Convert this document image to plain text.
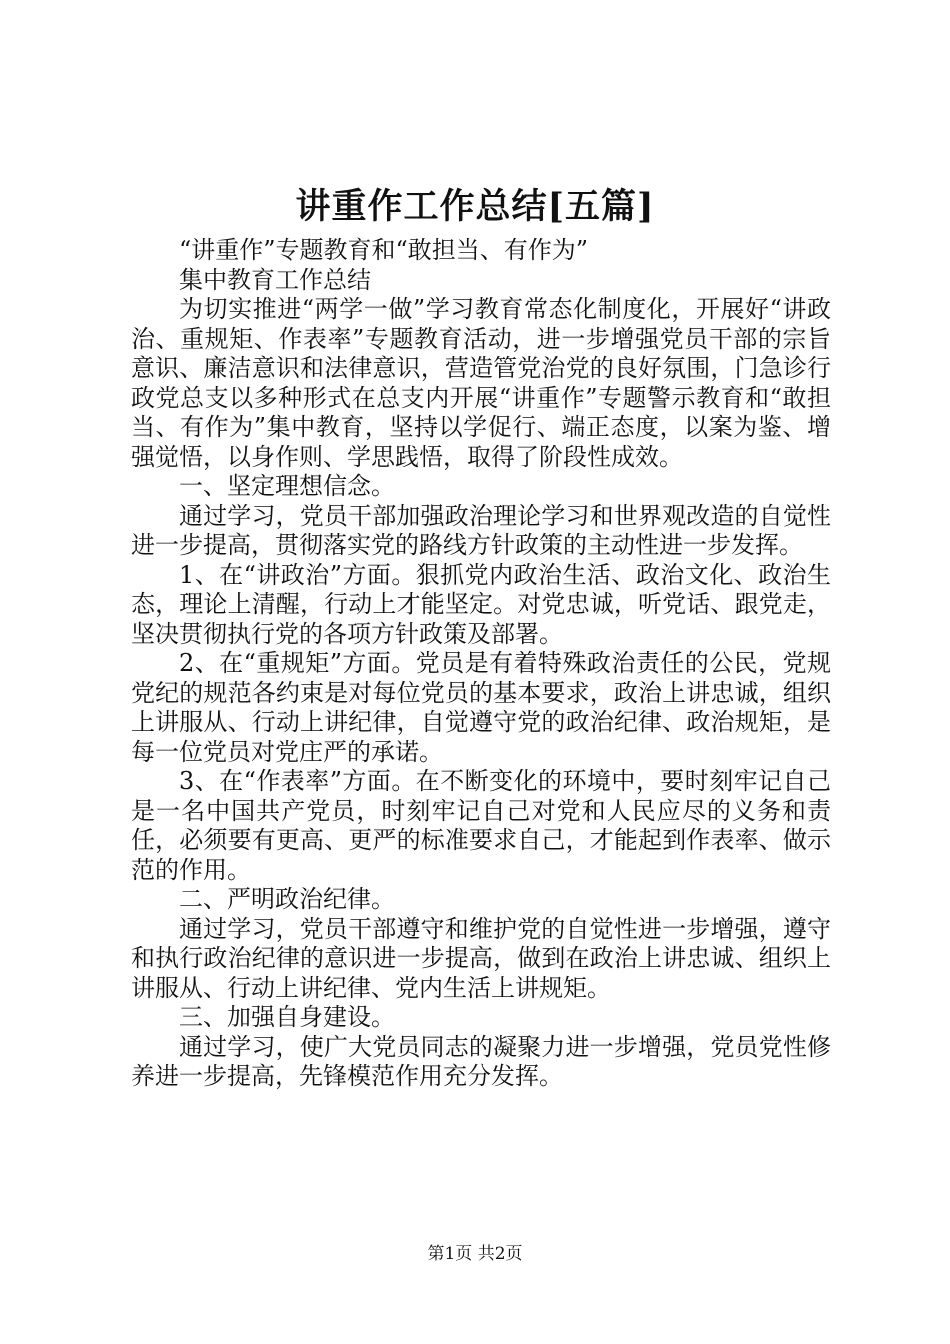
讲重作工作总结[五篇]

“讲重作”专题教育和“敢担当、有作为”

集中教育工作总结

为切实推进“两学一做”学习教育常态化制度化，开展好“讲政治、重规矩、作表率”专题教育活动，进一步增强党员干部的宗旨意识、廉洁意识和法律意识，营造管党治党的良好氛围，门急诊行政党总支以多种形式在总支内开展“讲重作”专题警示教育和“敢担当、有作为”集中教育，坚持以学促行、端正态度，以案为鉴、增强觉悟，以身作则、学思践悟，取得了阶段性成效。

一、坚定理想信念。

通过学习，党员干部加强政治理论学习和世界观改造的自觉性进一步提高，贯彻落实党的路线方针政策的主动性进一步发挥。

1、在“讲政治”方面。狠抓党内政治生活、政治文化、政治生态，理论上清醒，行动上才能坚定。对党忠诚，听党话、跟党走，坚决贯彻执行党的各项方针政策及部署。

2、在“重规矩”方面。党员是有着特殊政治责任的公民，党规党纪的规范各约束是对每位党员的基本要求，政治上讲忠诚，组织上讲服从、行动上讲纪律，自觉遵守党的政治纪律、政治规矩，是每一位党员对党庄严的承诺。

3、在“作表率”方面。在不断变化的环境中，要时刻牢记自己是一名中国共产党员，时刻牢记自己对党和人民应尽的义务和责任，必须要有更高、更严的标准要求自己，才能起到作表率、做示范的作用。

二、严明政治纪律。

通过学习，党员干部遵守和维护党的自觉性进一步增强，遵守和执行政治纪律的意识进一步提高，做到在政治上讲忠诚、组织上讲服从、行动上讲纪律、党内生活上讲规矩。

三、加强自身建设。

通过学习，使广大党员同志的凝聚力进一步增强，党员党性修养进一步提高，先锋模范作用充分发挥。

第1页 共2页
